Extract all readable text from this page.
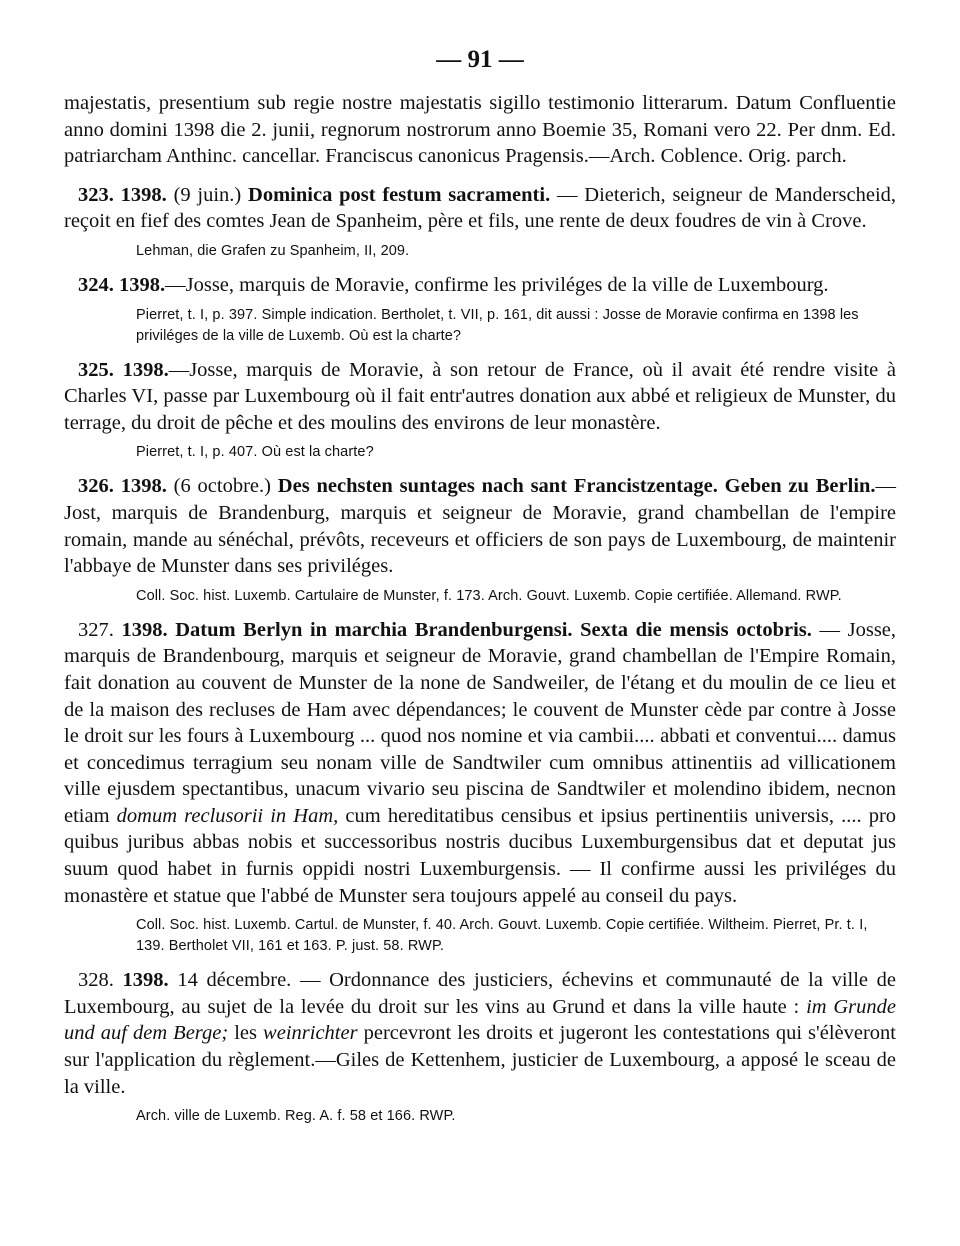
— 91 —

majestatis, presentium sub regie nostre majestatis sigillo testimonio litterarum. Datum Confluentie anno domini 1398 die 2. junii, regnorum nostrorum anno Boemie 35, Romani vero 22. Per dnm. Ed. patriarcham Anthinc. cancellar. Franciscus canonicus Pragensis.—Arch. Coblence. Orig. parch.

323. 1398. (9 juin.) Dominica post festum sacramenti. — Dieterich, seigneur de Manderscheid, reçoit en fief des comtes Jean de Spanheim, père et fils, une rente de deux foudres de vin à Crove.

Lehman, die Grafen zu Spanheim, II, 209.

324. 1398.—Josse, marquis de Moravie, confirme les priviléges de la ville de Luxembourg.

Pierret, t. I, p. 397. Simple indication. Bertholet, t. VII, p. 161, dit aussi : Josse de Moravie confirma en 1398 les priviléges de la ville de Luxemb. Où est la charte?

325. 1398.—Josse, marquis de Moravie, à son retour de France, où il avait été rendre visite à Charles VI, passe par Luxembourg où il fait entr'autres donation aux abbé et religieux de Munster, du terrage, du droit de pêche et des moulins des environs de leur monastère.

Pierret, t. I, p. 407. Où est la charte?

326. 1398. (6 octobre.) Des nechsten suntages nach sant Francistzentage. Geben zu Berlin.—Jost, marquis de Brandenburg, marquis et seigneur de Moravie, grand chambellan de l'empire romain, mande au sénéchal, prévôts, receveurs et officiers de son pays de Luxembourg, de maintenir l'abbaye de Munster dans ses priviléges.

Coll. Soc. hist. Luxemb. Cartulaire de Munster, f. 173. Arch. Gouvt. Luxemb. Copie certifiée. Allemand. RWP.

327. 1398. Datum Berlyn in marchia Brandenburgensi. Sexta die mensis octobris. — Josse, marquis de Brandenbourg, marquis et seigneur de Moravie, grand chambellan de l'Empire Romain, fait donation au couvent de Munster de la none de Sandweiler, de l'étang et du moulin de ce lieu et de la maison des recluses de Ham avec dépendances; le couvent de Munster cède par contre à Josse le droit sur les fours à Luxembourg ... quod nos nomine et via cambii.... abbati et conventui.... damus et concedimus terragium seu nonam ville de Sandtwiler cum omnibus attinentiis ad villicationem ville ejusdem spectantibus, unacum vivario seu piscina de Sandtwiler et molendino ibidem, necnon etiam domum reclusorii in Ham, cum hereditatibus censibus et ipsius pertinentiis universis, .... pro quibus juribus abbas nobis et successoribus nostris ducibus Luxemburgensibus dat et deputat jus suum quod habet in furnis oppidi nostri Luxemburgensis. — Il confirme aussi les priviléges du monastère et statue que l'abbé de Munster sera toujours appelé au conseil du pays.

Coll. Soc. hist. Luxemb. Cartul. de Munster, f. 40. Arch. Gouvt. Luxemb. Copie certifiée. Wiltheim. Pierret, Pr. t. I, 139. Bertholet VII, 161 et 163. P. just. 58. RWP.

328. 1398. 14 décembre. — Ordonnance des justiciers, échevins et communauté de la ville de Luxembourg, au sujet de la levée du droit sur les vins au Grund et dans la ville haute : im Grunde und auf dem Berge; les weinrichter percevront les droits et jugeront les contestations qui s'élèveront sur l'application du règlement.—Giles de Kettenhem, justicier de Luxembourg, a apposé le sceau de la ville.

Arch. ville de Luxemb. Reg. A. f. 58 et 166. RWP.
